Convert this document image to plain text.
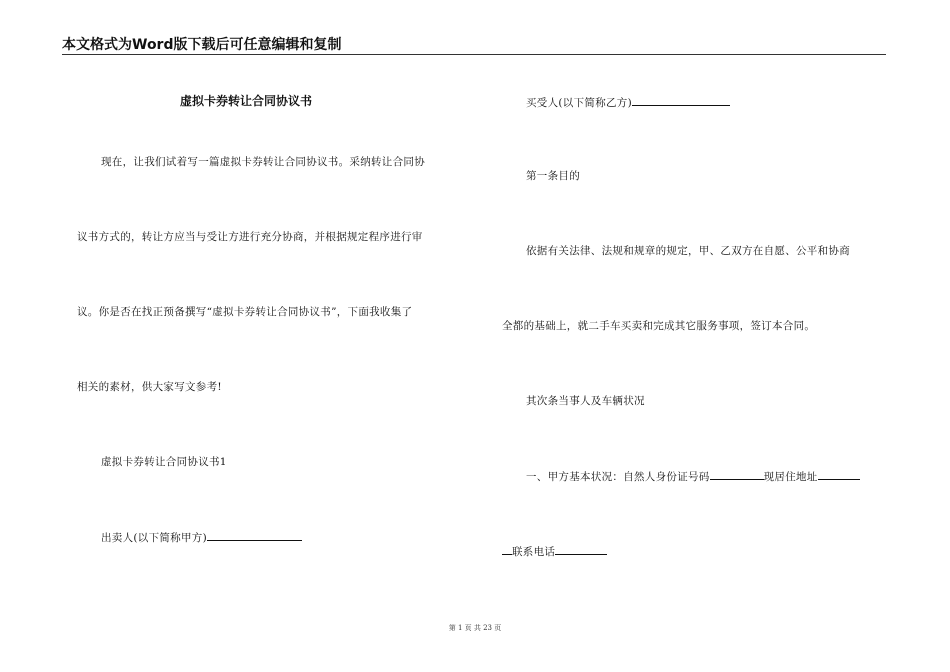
本文格式为Word版下载后可任意编辑和复制
虚拟卡券转让合同协议书
现在，让我们试着写一篇虚拟卡券转让合同协议书。采纳转让合同协
议书方式的，转让方应当与受让方进行充分协商，并根据规定程序进行审
议。你是否在找正预备撰写“虚拟卡券转让合同协议书”，下面我收集了
相关的素材，供大家写文参考!
虚拟卡券转让合同协议书1
出卖人(以下简称甲方)
买受人(以下简称乙方)
第一条目的
依据有关法律、法规和规章的规定，甲、乙双方在自愿、公平和协商
全都的基础上，就二手车买卖和完成其它服务事项，签订本合同。
其次条当事人及车辆状况
一、甲方基本状况：自然人身份证号码	现居住地址
联系电话
第 1 页 共 23 页
